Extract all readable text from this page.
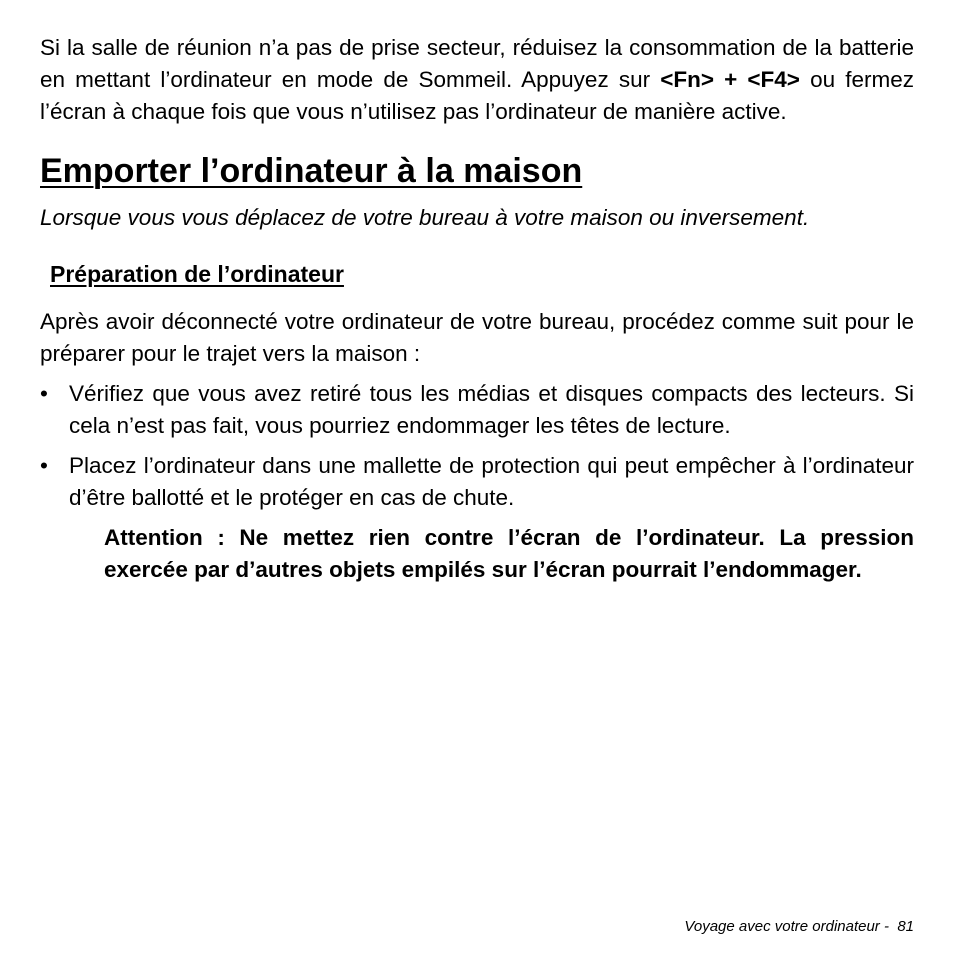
Si la salle de réunion n’a pas de prise secteur, réduisez la consommation de la batterie en mettant l’ordinateur en mode de Sommeil. Appuyez sur <Fn> + <F4> ou fermez l’écran à chaque fois que vous n’utilisez pas l’ordinateur de manière active.

Emporter l’ordinateur à la maison

Lorsque vous vous déplacez de votre bureau à votre maison ou inversement.

Préparation de l’ordinateur

Après avoir déconnecté votre ordinateur de votre bureau, procédez comme suit pour le préparer pour le trajet vers la maison :

• Vérifiez que vous avez retiré tous les médias et disques compacts des lecteurs. Si cela n’est pas fait, vous pourriez endommager les têtes de lecture.
• Placez l’ordinateur dans une mallette de protection qui peut empêcher à l’ordinateur d’être ballotté et le protéger en cas de chute.

Attention : Ne mettez rien contre l’écran de l’ordinateur. La pression exercée par d’autres objets empilés sur l’écran pourrait l’endommager.

Voyage avec votre ordinateur -  81
